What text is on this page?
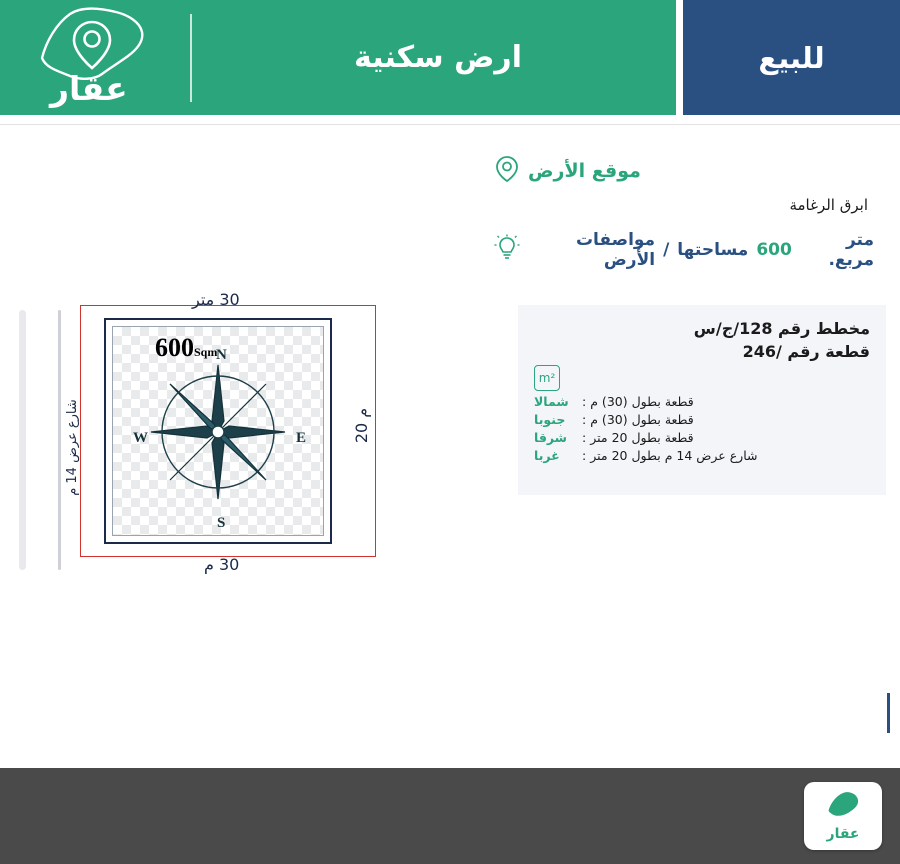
عقار
ارض سكنية	للبيع
موقع الأرض
ابرق الرغامة
مواصفات الأرض / مساحتها 600	متر مربع.
مخطط رقم 128/ج/س
قطعة رقم /246
m²
قطعة بطول (30) م
:
شمالا
قطعة بطول (30) م
:
جنوبا
قطعة بطول 20 متر
:
شرقا
شارع عرض 14 م بطول 20 متر
:
غربا
شارع عرض 14 م
30 متر
30 م
20 م
600Sqm
N
S
E
W
عقار
